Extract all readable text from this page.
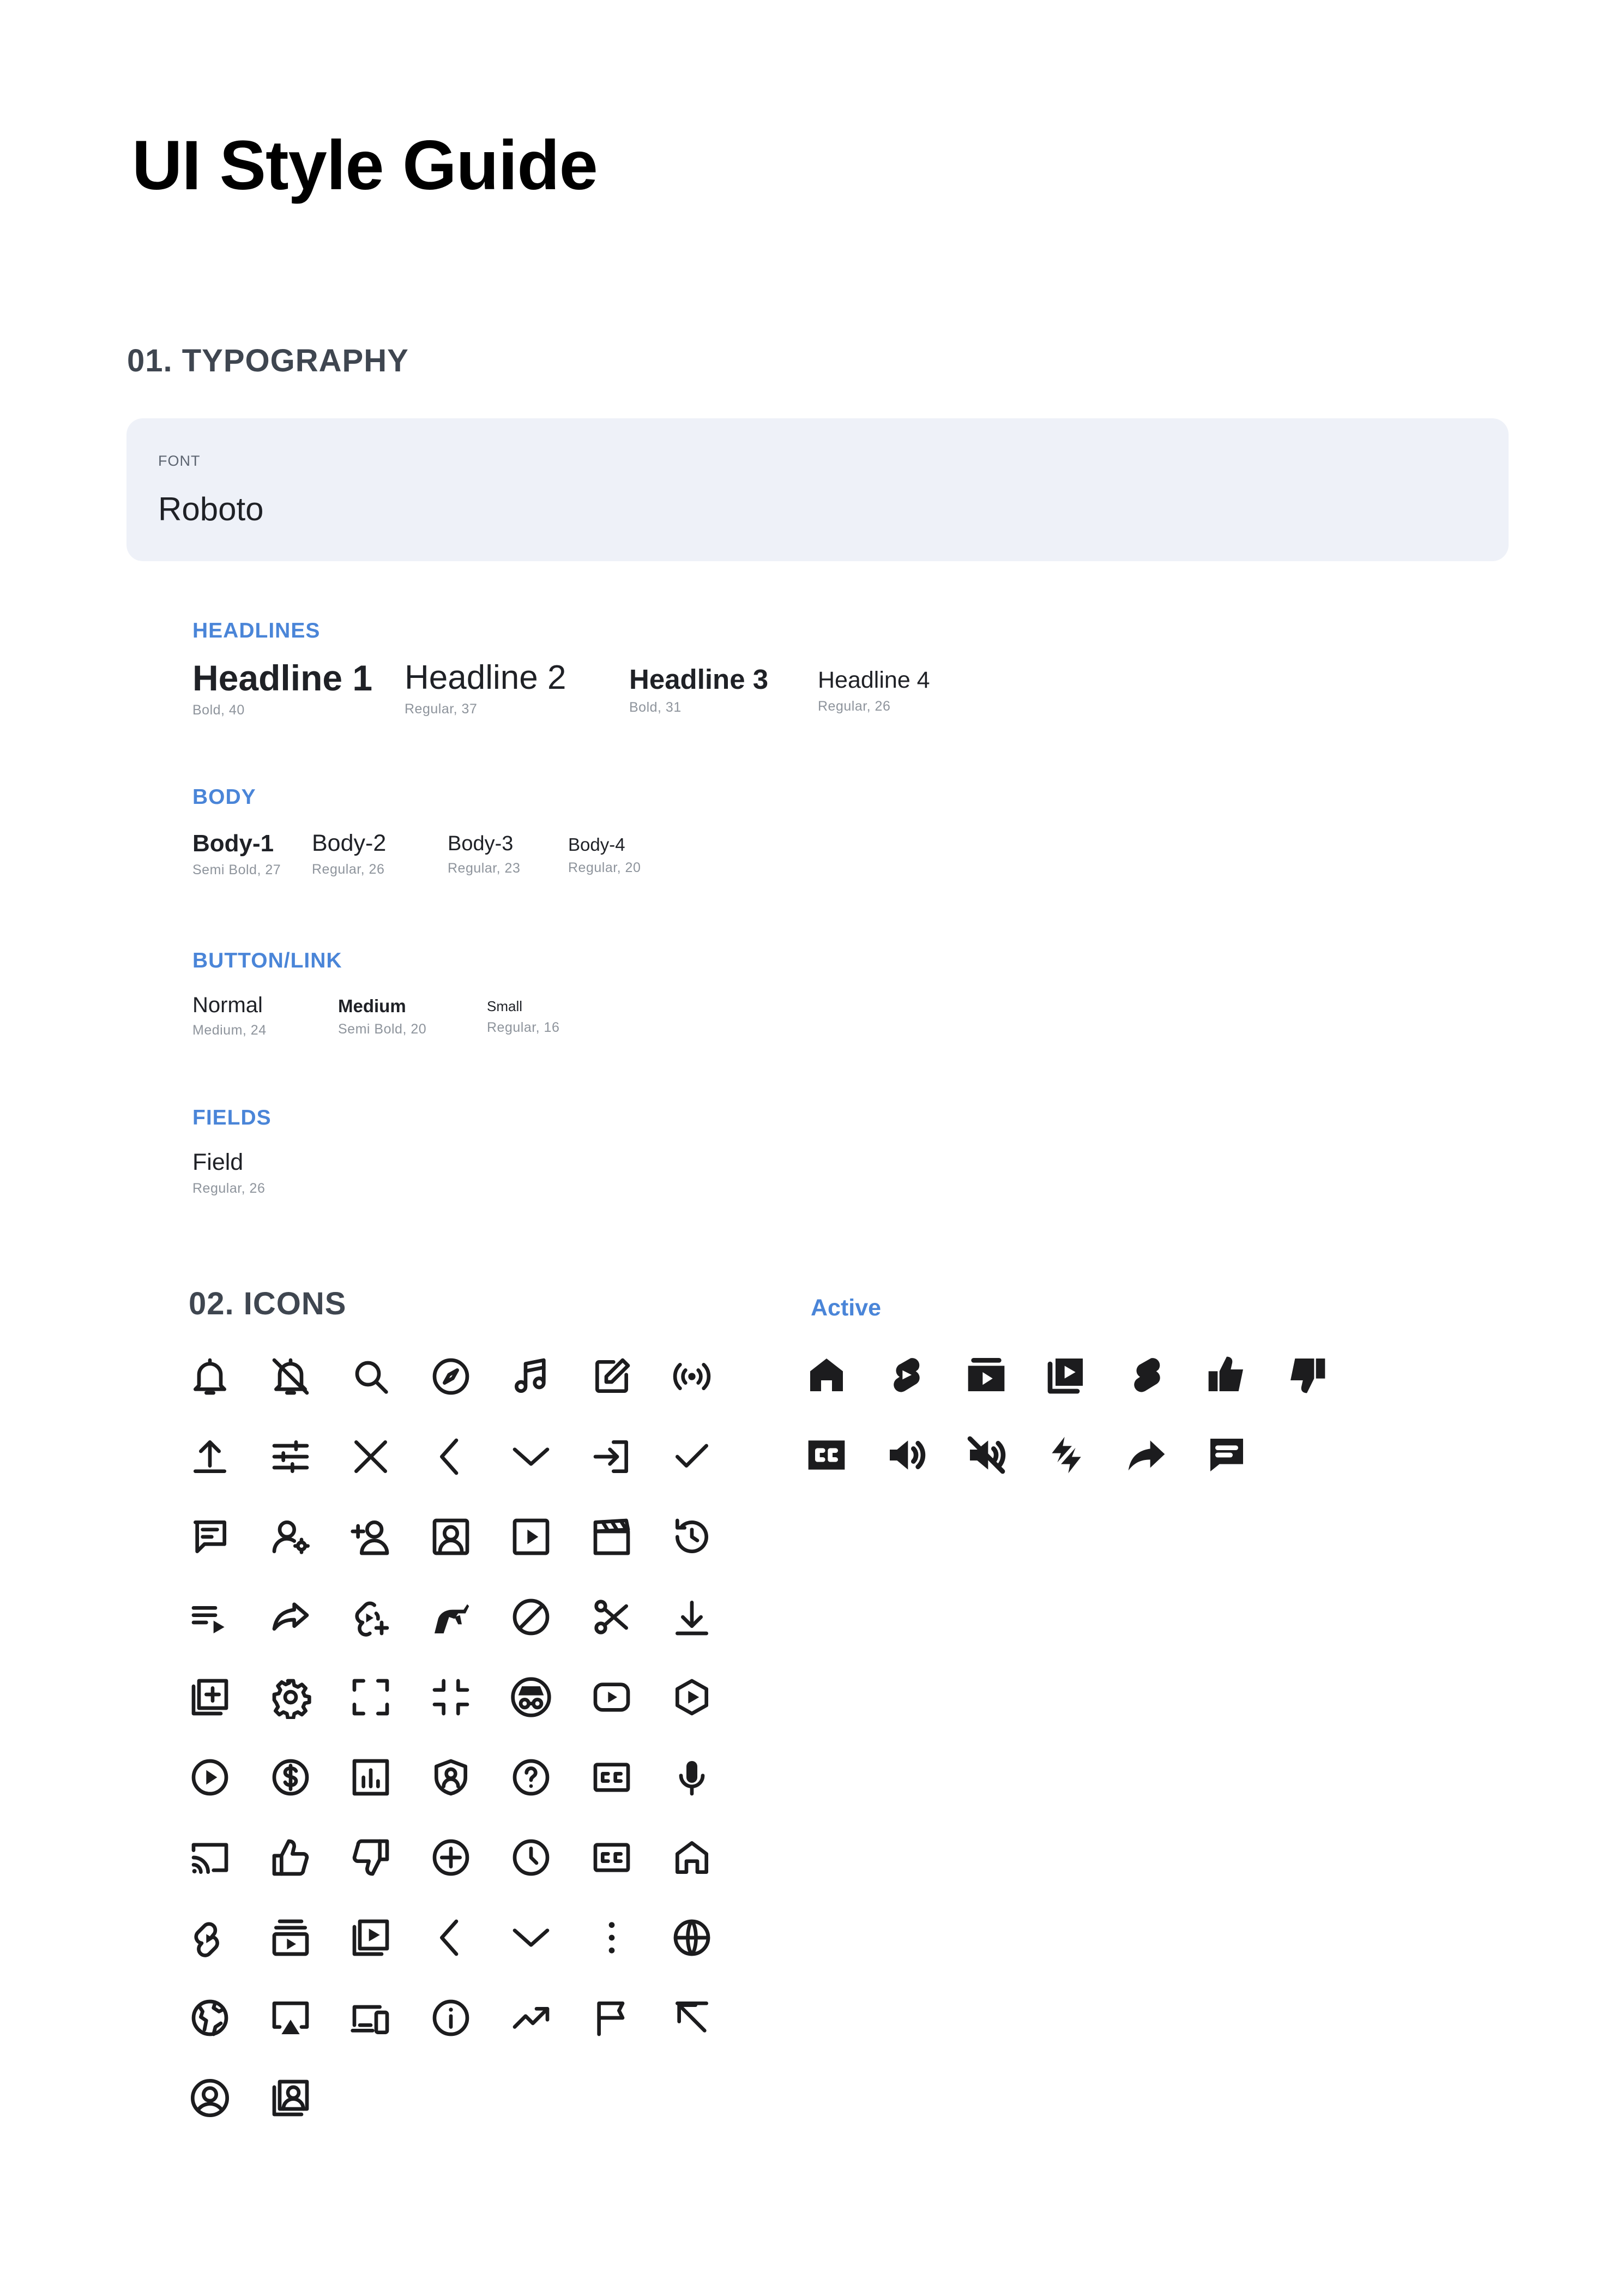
UI Style Guide
01. TYPOGRAPHY
FONT
Roboto
HEADLINES
Headline 1
Bold, 40
Headline 2
Regular, 37
Headline 3
Bold, 31
Headline 4
Regular, 26
BODY
Body-1
Semi Bold, 27
Body-2
Regular, 26
Body-3
Regular, 23
Body-4
Regular, 20
BUTTON/LINK
Normal
Medium, 24
Medium
Semi Bold, 20
Small
Regular, 16
FIELDS
Field
Regular, 26
02. ICONS	Active
